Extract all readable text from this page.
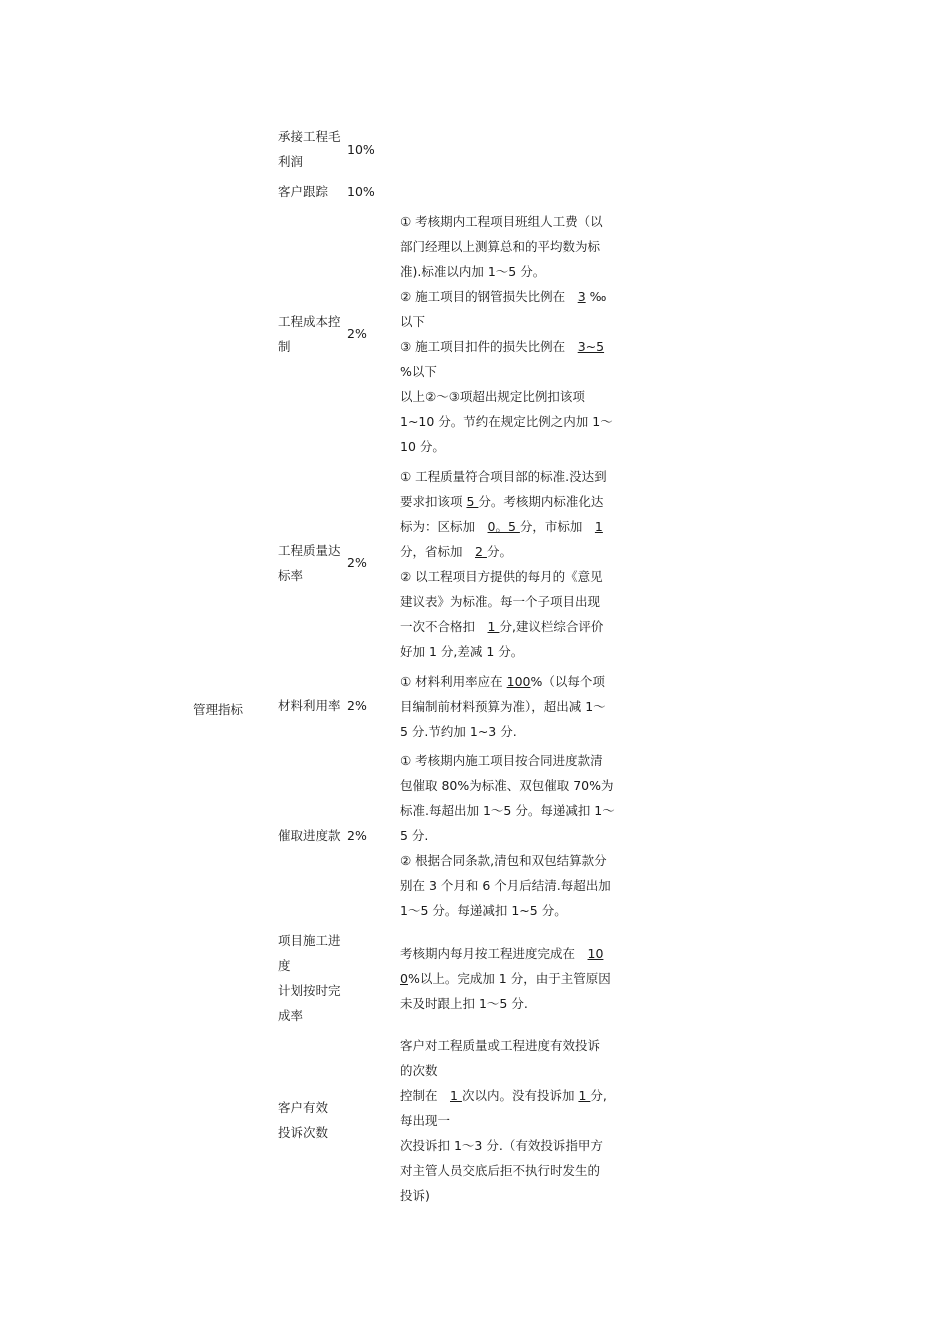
管理指标
承接工程毛
利润
10%
客户跟踪 10%
工程成本控
制
2%
工程质量达
标率
2%
材料利用率 2%
催取进度款 2%
项目施工进
度
计划按时完
成率
客户有效
投诉次数
① 考核期内工程项目班组人工费（以
部门经理以上测算总和的平均数为标
准).标准以内加 1～5 分。
② 施工项目的钢管损失比例在　3 ‰
以下
③ 施工项目扣件的损失比例在　3~5
%以下
以上②～③项超出规定比例扣该项
1~10 分。节约在规定比例之内加 1～
10 分。
① 工程质量符合项目部的标准.没达到
要求扣该项 5 分。考核期内标准化达
标为：区标加　0。5 分，市标加　1
分，省标加　2 分。
② 以工程项目方提供的每月的《意见
建议表》为标准。每一个子项目出现
一次不合格扣　1 分,建议栏综合评价
好加 1 分,差减 1 分。
① 材料利用率应在 100%（以每个项
目编制前材料预算为准），超出减 1～
5 分.节约加 1~3 分.
① 考核期内施工项目按合同进度款清
包催取 80%为标准、双包催取 70%为
标准.每超出加 1～5 分。每递减扣 1～
5 分.
② 根据合同条款,清包和双包结算款分
别在 3 个月和 6 个月后结清.每超出加
1～5 分。每递减扣 1~5 分。
考核期内每月按工程进度完成在　10
0%以上。完成加 1 分，由于主管原因
未及时跟上扣 1～5 分.
客户对工程质量或工程进度有效投诉
的次数
控制在　1 次以内。没有投诉加 1 分,
每出现一
次投诉扣 1～3 分.（有效投诉指甲方
对主管人员交底后拒不执行时发生的
投诉)
